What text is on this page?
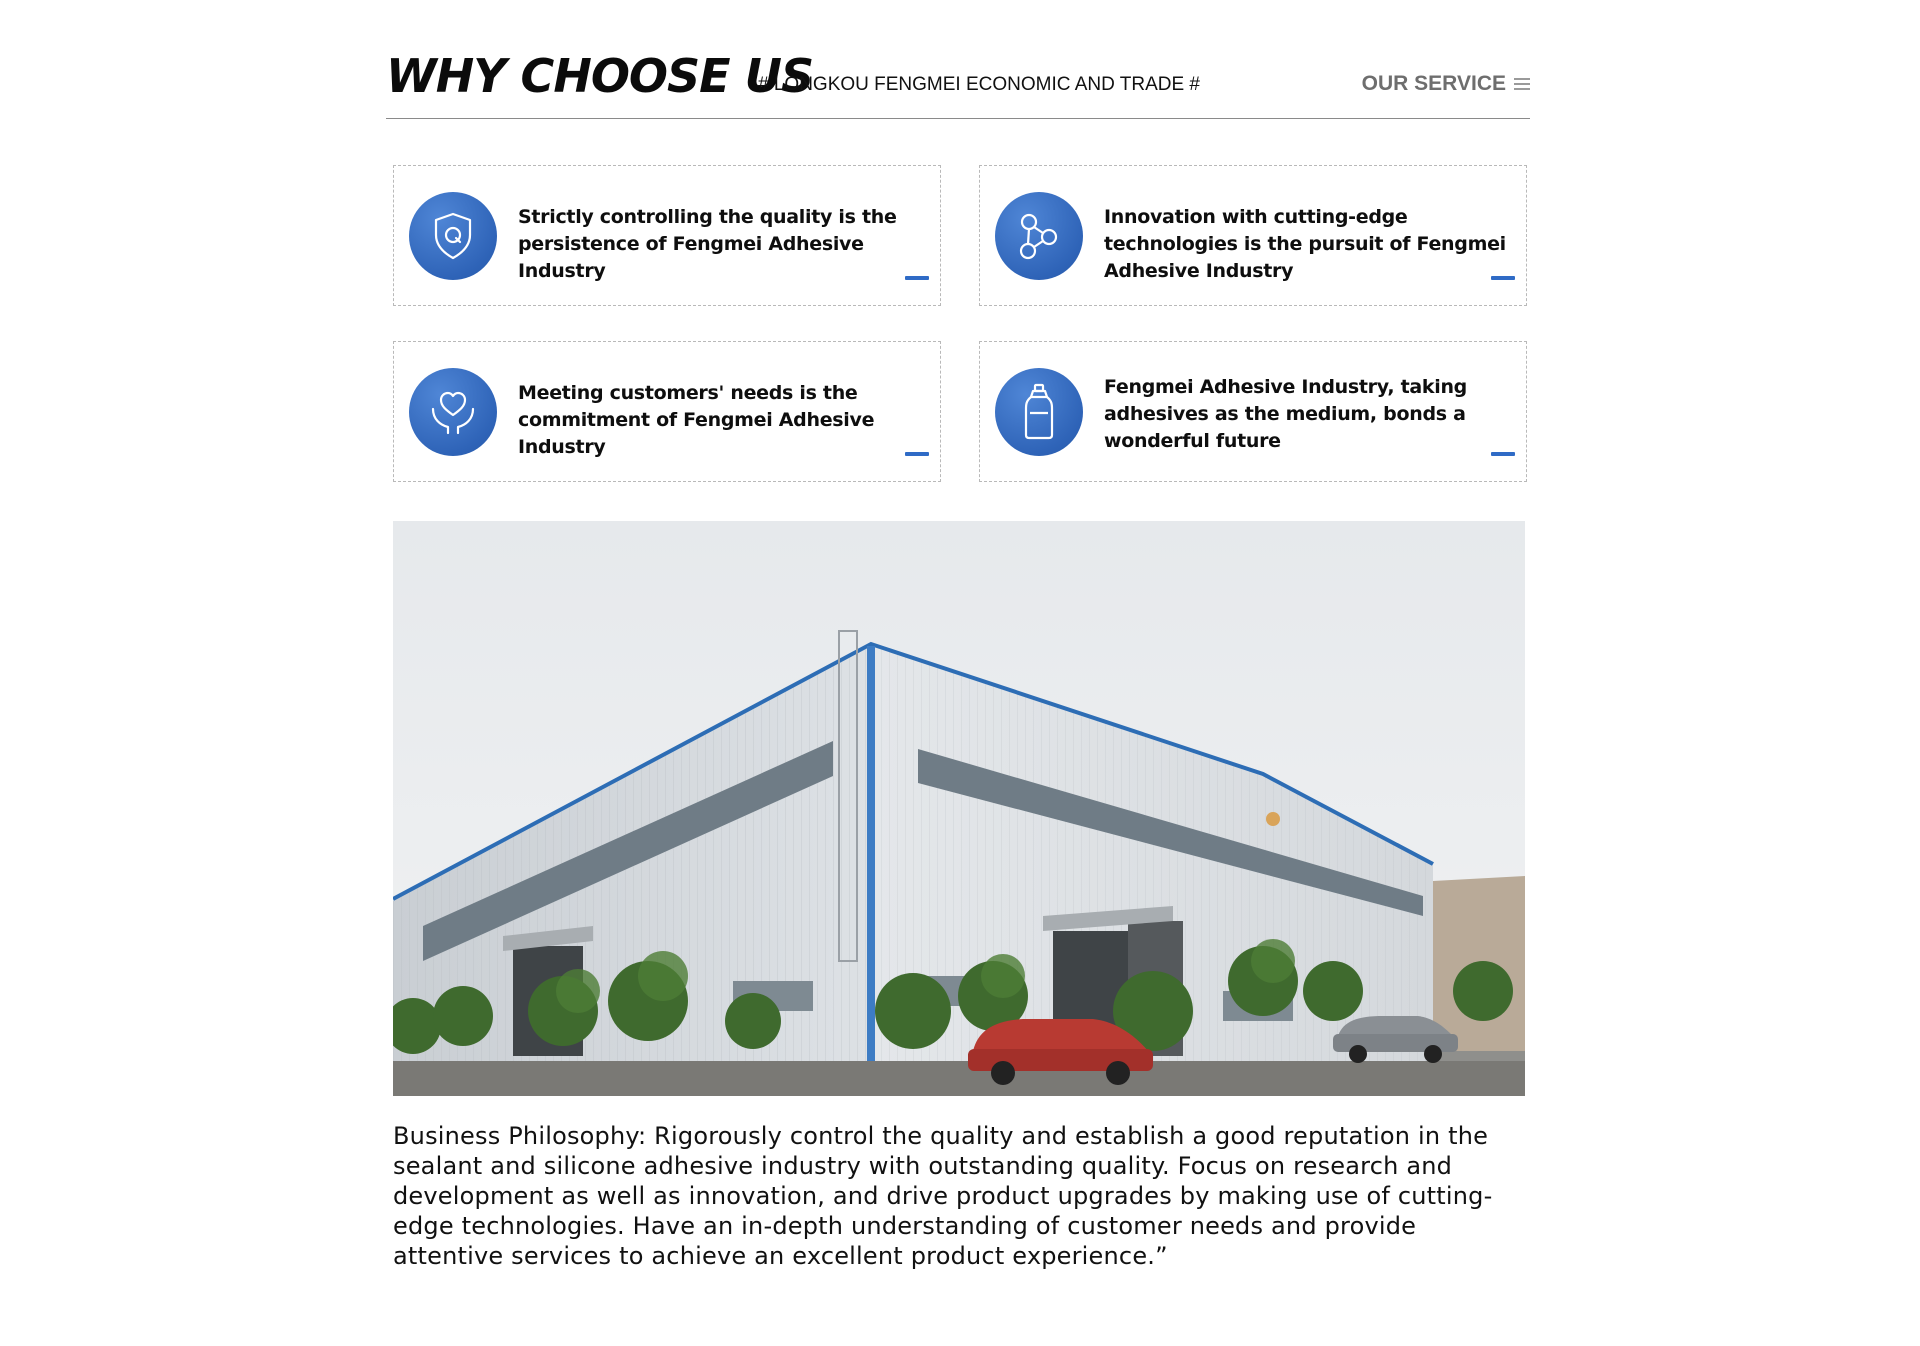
WHY CHOOSE US
# LONGKOU FENGMEI ECONOMIC AND TRADE #	OUR SERVICE
Strictly controlling the quality is the persistence of Fengmei Adhesive Industry
Innovation with cutting-edge technologies is the pursuit of Fengmei Adhesive Industry
Meeting customers' needs is the commitment of Fengmei Adhesive Industry
Fengmei Adhesive Industry, taking adhesives as the medium, bonds a wonderful future
Business Philosophy: Rigorously control the quality and establish a good reputation in the sealant and silicone adhesive industry with outstanding quality. Focus on research and development as well as innovation, and drive product upgrades by making use of cutting-edge technologies. Have an in-depth understanding of customer needs and provide attentive services to achieve an excellent product experience.”
